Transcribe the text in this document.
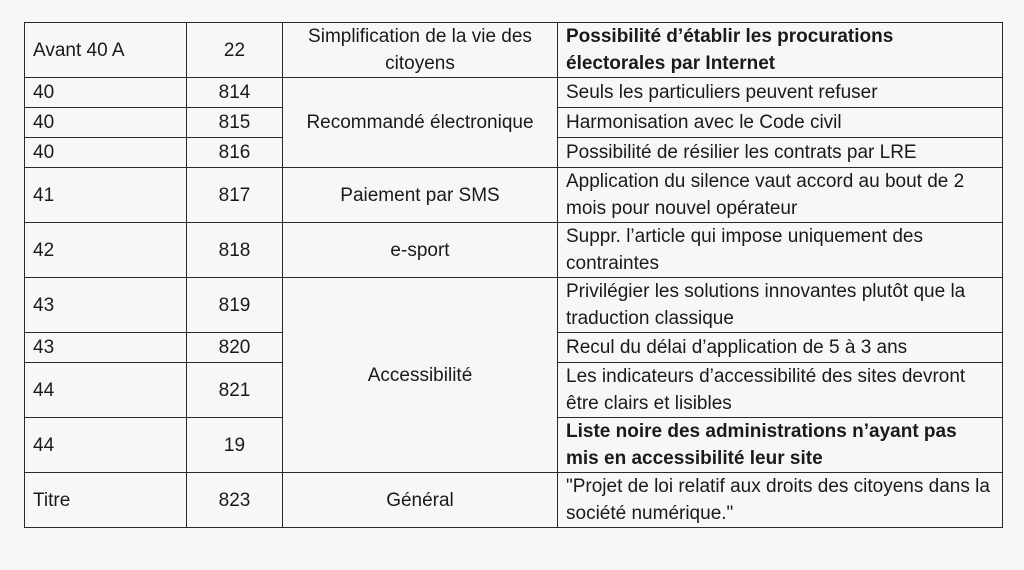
Avant 40 A	22	Simplification de la vie des citoyens	Possibilité d’établir les procurations électorales par Internet
40	814	Recommandé électronique	Seuls les particuliers peuvent refuser
40	815		Harmonisation avec le Code civil
40	816		Possibilité de résilier les contrats par LRE
41	817	Paiement par SMS	Application du silence vaut accord au bout de 2 mois pour nouvel opérateur
42	818	e-sport	Suppr. l’article qui impose uniquement des contraintes
43	819	Accessibilité	Privilégier les solutions innovantes plutôt que la traduction classique
43	820		Recul du délai d’application de 5 à 3 ans
44	821		Les indicateurs d’accessibilité des sites devront être clairs et lisibles
44	19		Liste noire des administrations n’ayant pas mis en accessibilité leur site
Titre	823	Général	"Projet de loi relatif aux droits des citoyens dans la société numérique."
